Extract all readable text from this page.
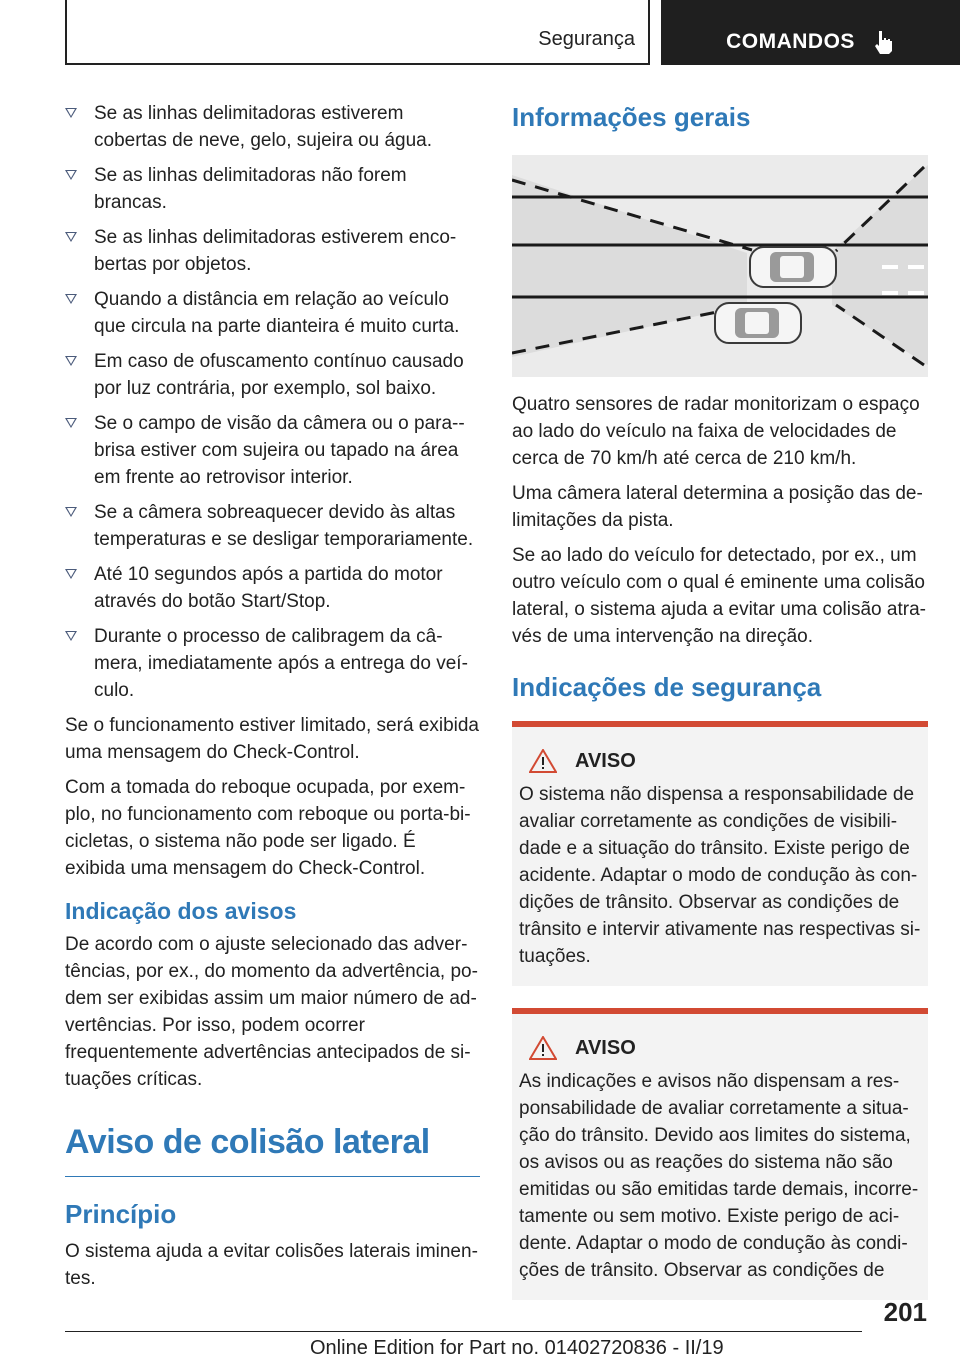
Segurança	COMANDOS
Se as linhas delimitadoras estiverem cobertas de neve, gelo, sujeira ou água.
Se as linhas delimitadoras não forem brancas.
Se as linhas delimitadoras estiverem encobertas por objetos.
Quando a distância em relação ao veículo que circula na parte dianteira é muito curta.
Em caso de ofuscamento contínuo causado por luz contrária, por exemplo, sol baixo.
Se o campo de visão da câmera ou o para-brisa estiver com sujeira ou tapado na área em frente ao retrovisor interior.
Se a câmera sobreaquecer devido às altas temperaturas e se desligar temporariamente.
Até 10 segundos após a partida do motor através do botão Start/Stop.
Durante o processo de calibragem da câmera, imediatamente após a entrega do veículo.

Se o funcionamento estiver limitado, será exibida uma mensagem do Check-Control.

Com a tomada do reboque ocupada, por exemplo, no funcionamento com reboque ou porta-bicicletas, o sistema não pode ser ligado. É exibida uma mensagem do Check-Control.

Indicação dos avisos

De acordo com o ajuste selecionado das advertências, por ex., do momento da advertência, podem ser exibidas assim um maior número de advertências. Por isso, podem ocorrer frequentemente advertências antecipados de situações críticas.

Aviso de colisão lateral
Princípio

O sistema ajuda a evitar colisões laterais iminentes.

Informações gerais

Quatro sensores de radar monitorizam o espaço ao lado do veículo na faixa de velocidades de cerca de 70 km/h até cerca de 210 km/h.

Uma câmera lateral determina a posição das delimitações da pista.

Se ao lado do veículo for detectado, por ex., um outro veículo com o qual é eminente uma colisão lateral, o sistema ajuda a evitar uma colisão através de uma intervenção na direção.

Indicações de segurança
AVISO

O sistema não dispensa a responsabilidade de avaliar corretamente as condições de visibilidade e a situação do trânsito. Existe perigo de acidente. Adaptar o modo de condução às condições de trânsito. Observar as condições de trânsito e intervir ativamente nas respectivas situações.

AVISO

As indicações e avisos não dispensam a responsabilidade de avaliar corretamente a situação do trânsito. Devido aos limites do sistema, os avisos ou as reações do sistema não são emitidas ou são emitidas tarde demais, incorretamente ou sem motivo. Existe perigo de acidente. Adaptar o modo de condução às condições de trânsito. Observar as condições de

201
Online Edition for Part no. 01402720836 - II/19
